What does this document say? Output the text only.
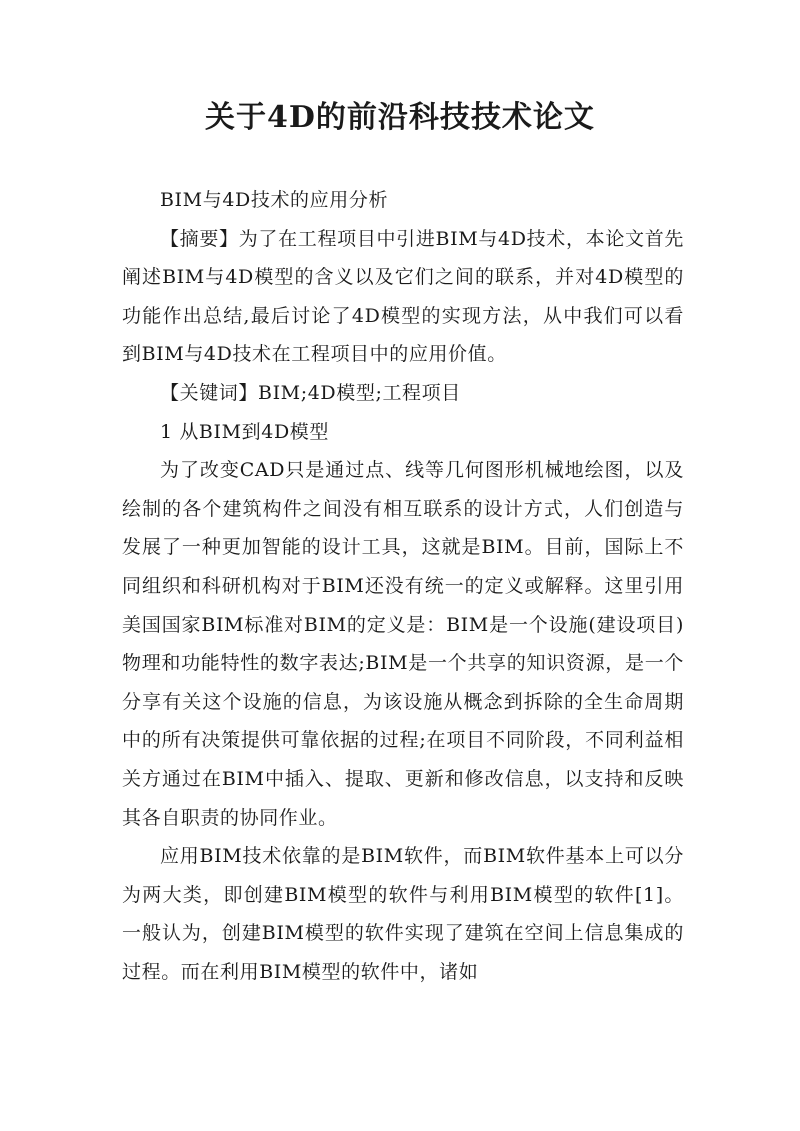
关于4D的前沿科技技术论文

BIM与4D技术的应用分析

【摘要】为了在工程项目中引进BIM与4D技术，本论文首先阐述BIM与4D模型的含义以及它们之间的联系，并对4D模型的功能作出总结,最后讨论了4D模型的实现方法，从中我们可以看到BIM与4D技术在工程项目中的应用价值。

【关键词】BIM;4D模型;工程项目

1 从BIM到4D模型

为了改变CAD只是通过点、线等几何图形机械地绘图，以及绘制的各个建筑构件之间没有相互联系的设计方式，人们创造与发展了一种更加智能的设计工具，这就是BIM。目前，国际上不同组织和科研机构对于BIM还没有统一的定义或解释。这里引用美国国家BIM标准对BIM的定义是：BIM是一个设施(建设项目)物理和功能特性的数字表达;BIM是一个共享的知识资源，是一个分享有关这个设施的信息，为该设施从概念到拆除的全生命周期中的所有决策提供可靠依据的过程;在项目不同阶段，不同利益相关方通过在BIM中插入、提取、更新和修改信息，以支持和反映其各自职责的协同作业。

应用BIM技术依靠的是BIM软件，而BIM软件基本上可以分为两大类，即创建BIM模型的软件与利用BIM模型的软件[1]。一般认为，创建BIM模型的软件实现了建筑在空间上信息集成的过程。而在利用BIM模型的软件中，诸如
